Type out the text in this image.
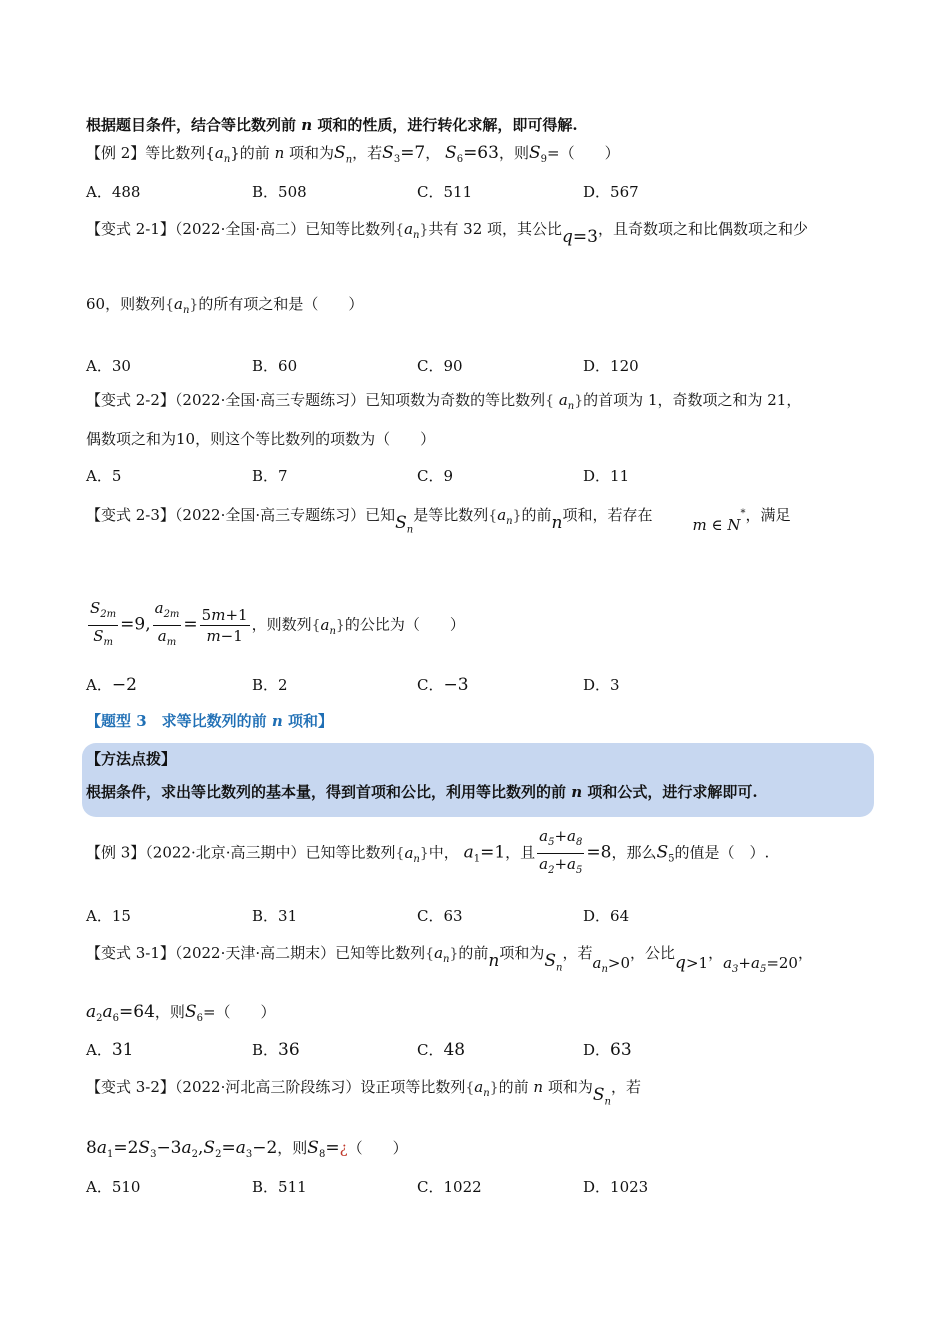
根据题目条件，结合等比数列前 n 项和的性质，进行转化求解，即可得解.
【例 2】等比数列$\{a_n\}$的前 n 项和为$S_n$，若$S_3=7$， $S_6=63$，则$S_9=$（　　）
A．488	B．508	C．511	D．567
【变式 2-1】（2022·全国·高二）已知等比数列$\{a_n\}$共有 32 项，其公比q=3，且奇数项之和比偶数项之和少
60，则数列$\{a_n\}$的所有项之和是（　　）
A．30	B．60	C．90	D．120
【变式 2-2】（2022·全国·高三专题练习）已知项数为奇数的等比数列{ $a_n$}的首项为 1，奇数项之和为 21，
偶数项之和为10，则这个等比数列的项数为（　　）
A．5	B．7	C．9	D．11
【变式 2-3】（2022·全国·高三专题练习）已知$S_n$是等比数列$\{a_n\}$的前n项和，若存在m ∈ N*，满足
$\frac{S_{2m}}{S_m} =9$, $\frac{a_{2m}}{a_m} = \frac{5m+1}{m-1}$ ，则数列$\{a_n\}$的公比为（　　）
A．−2	B．2	C．−3	D．3
【题型 3　求等比数列的前 n 项和】
【方法点拨】
根据条件，求出等比数列的基本量，得到首项和公比，利用等比数列的前 n 项和公式，进行求解即可.
【例 3】（2022·北京·高三期中）已知等比数列$\{a_n\}$中， $a_1=1$，且 $\frac{a_5+a_8}{a_2+a_5} =8$，那么$S_5$的值是（　）.
A．15	B．31	C．63	D．64
【变式 3-1】（2022·天津·高二期末）已知等比数列$\{a_n\}$的前n项和为$S_n$，若$a_n>0$，公比q>1，$a_3+a_5=20$，
$a_2a_6=64$，则$S_6=$（　　）
A．31	B．36	C．48	D．63
【变式 3-2】（2022·河北高三阶段练习）设正项等比数列$\{a_n\}$的前 n 项和为$S_n$，若
$8a_1=2S_3-3a_2,S_2=a_3-2$，则$S_8=¿$（　　）
A．510	B．511	C．1022	D．1023
